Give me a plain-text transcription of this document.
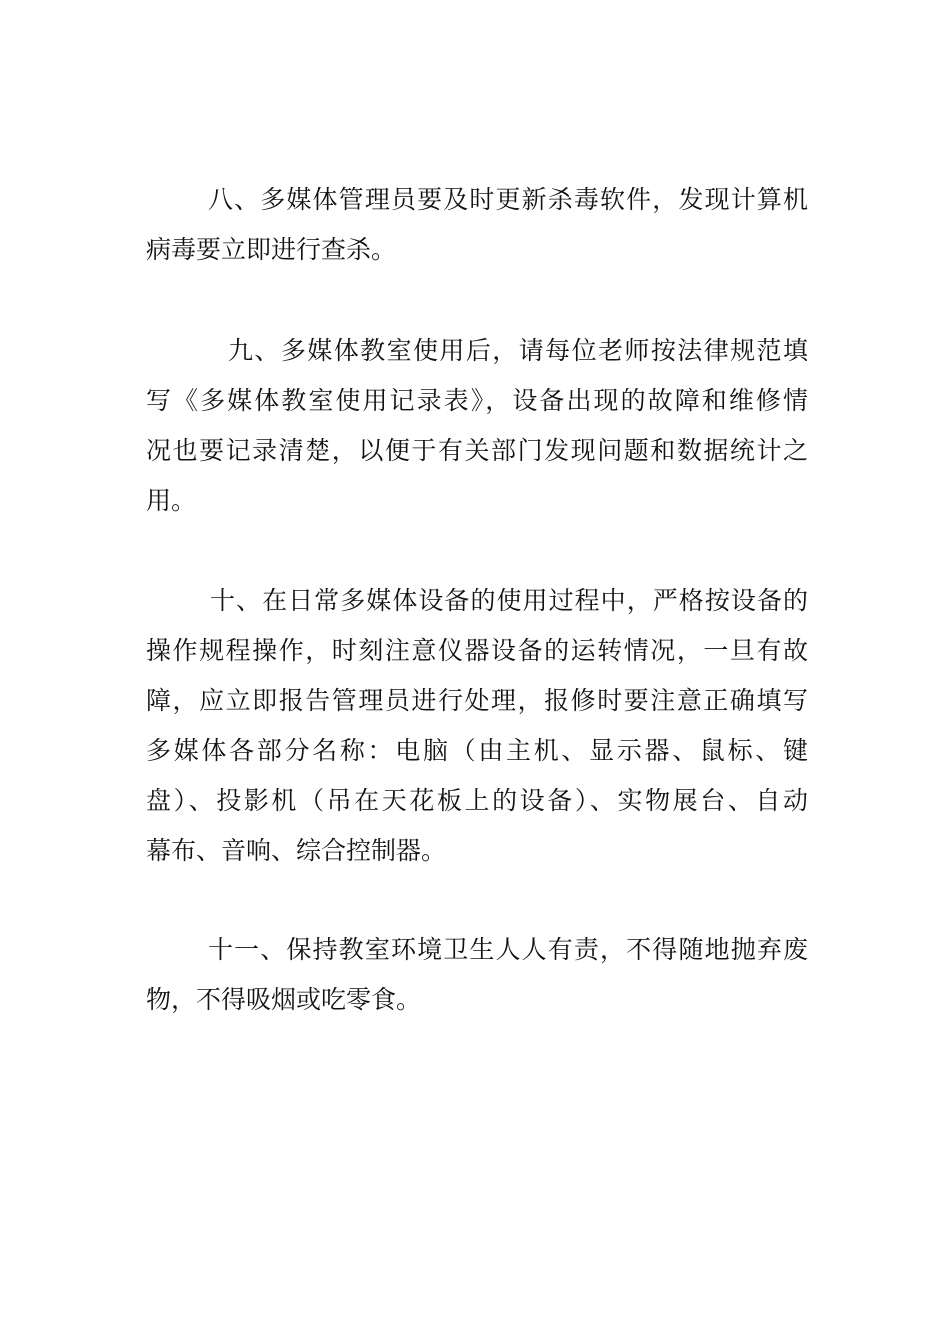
八、多媒体管理员要及时更新杀毒软件，发现计算机
病毒要立即进行查杀。
九、多媒体教室使用后，请每位老师按法律规范填
写《多媒体教室使用记录表》，设备出现的故障和维修情
况也要记录清楚，以便于有关部门发现问题和数据统计之
用。
十、在日常多媒体设备的使用过程中，严格按设备的
操作规程操作，时刻注意仪器设备的运转情况，一旦有故
障，应立即报告管理员进行处理，报修时要注意正确填写
多媒体各部分名称：电脑（由主机、显示器、鼠标、键
盘）、投影机（吊在天花板上的设备）、实物展台、自动
幕布、音响、综合控制器。
十一、保持教室环境卫生人人有责，不得随地抛弃废
物，不得吸烟或吃零食。
